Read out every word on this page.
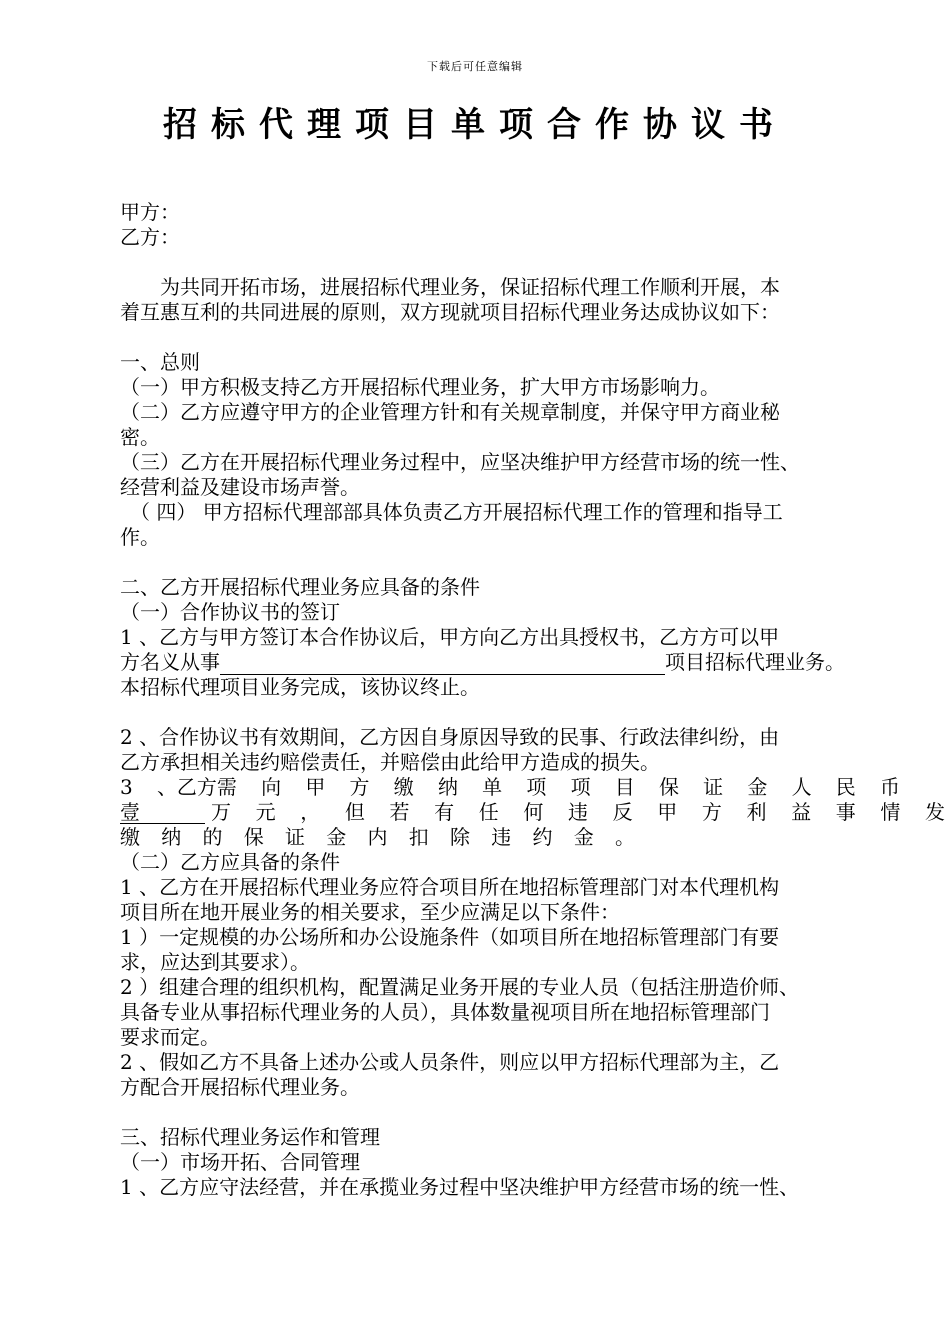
下载后可任意编辑
招标代理项目单项合作协议书
甲方：
乙方：
　　为共同开拓市场，进展招标代理业务，保证招标代理工作顺利开展，本
着互惠互利的共同进展的原则，双方现就项目招标代理业务达成协议如下：
一、总则
（一）甲方积极支持乙方开展招标代理业务，扩大甲方市场影响力。
（二）乙方应遵守甲方的企业管理方针和有关规章制度，并保守甲方商业秘
密。
（三）乙方在开展招标代理业务过程中，应坚决维护甲方经营市场的统一性、
经营利益及建设市场声誉。
　（ 四） 甲方招标代理部部具体负责乙方开展招标代理工作的管理和指导工
作。
二、乙方开展招标代理业务应具备的条件
（一）合作协议书的签订
1 、乙方与甲方签订本合作协议后，甲方向乙方出具授权书，乙方方可以甲
方名义从事	项目招标代理业务。
本招标代理项目业务完成，该协议终止。
2 、合作协议书有效期间，乙方因自身原因导致的民事、行政法律纠纷，由
乙方承担相关违约赔偿责任，并赔偿由此给甲方造成的损失。
3 、乙方需 向 甲 方 缴 纳 单 项 项 目 保 证 金 人 民 币
壹	万 元 ， 但 若 有 任 何 违 反 甲 方 利 益 事 情 发
缴 纳 的 保 证 金 内 扣 除 违 约 金 。
（二）乙方应具备的条件
1 、乙方在开展招标代理业务应符合项目所在地招标管理部门对本代理机构
项目所在地开展业务的相关要求，至少应满足以下条件：
1 ）一定规模的办公场所和办公设施条件（如项目所在地招标管理部门有要
求，应达到其要求）。
2 ）组建合理的组织机构，配置满足业务开展的专业人员（包括注册造价师、
具备专业从事招标代理业务的人员），具体数量视项目所在地招标管理部门
要求而定。
2 、假如乙方不具备上述办公或人员条件，则应以甲方招标代理部为主，乙
方配合开展招标代理业务。
三、招标代理业务运作和管理
（一）市场开拓、合同管理
1 、乙方应守法经营，并在承揽业务过程中坚决维护甲方经营市场的统一性、
